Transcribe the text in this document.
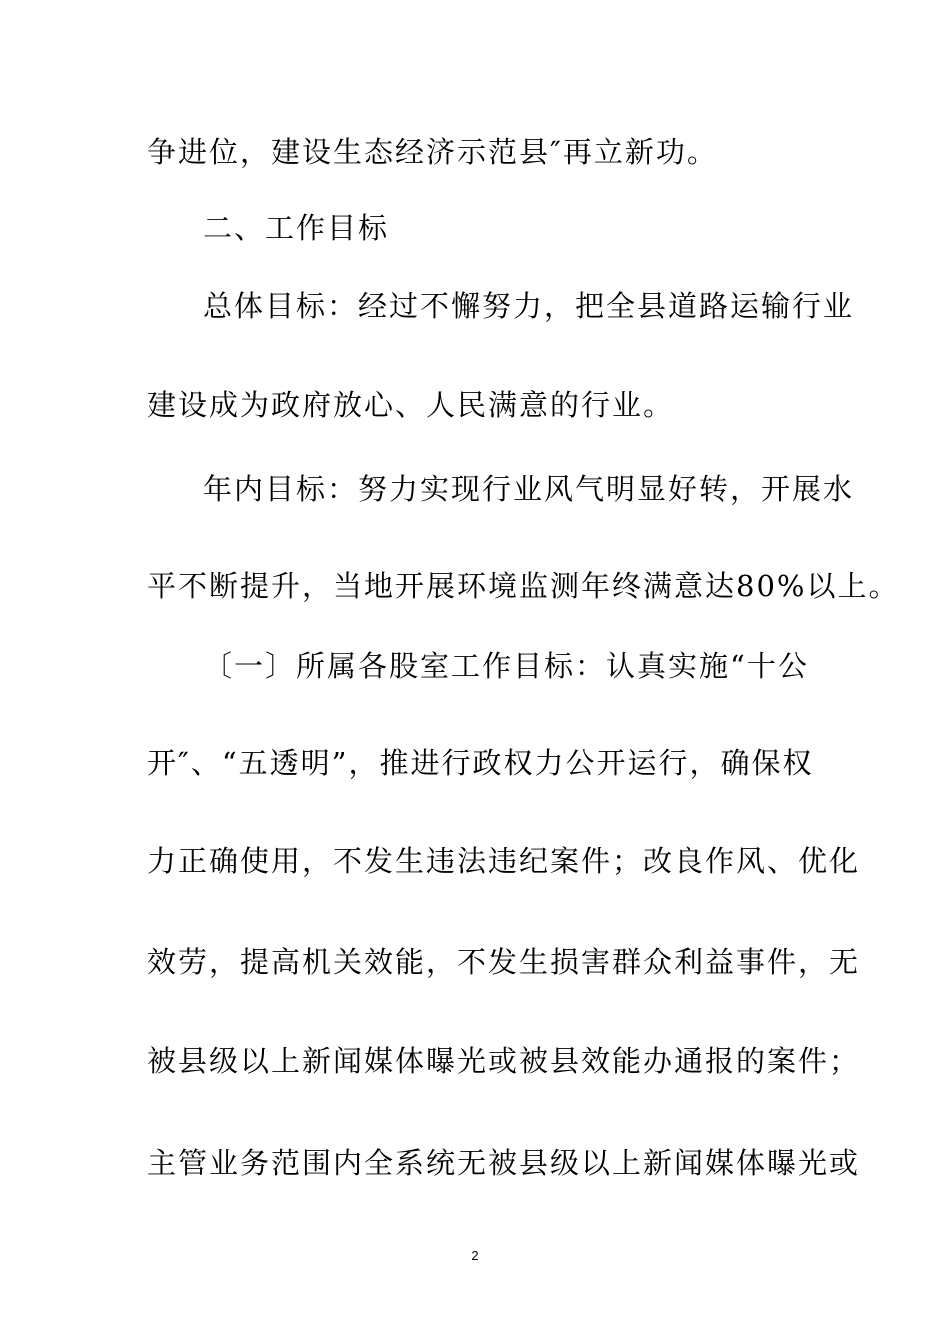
争进位，建设生态经济示范县″再立新功。
二、工作目标
总体目标：经过不懈努力，把全县道路运输行业
建设成为政府放心、人民满意的行业。
年内目标：努力实现行业风气明显好转，开展水
平不断提升，当地开展环境监测年终满意达80%以上。
〔一〕所属各股室工作目标：认真实施“十公
开″、“五透明”，推进行政权力公开运行，确保权
力正确使用，不发生违法违纪案件；改良作风、优化
效劳，提高机关效能，不发生损害群众利益事件，无
被县级以上新闻媒体曝光或被县效能办通报的案件；
主管业务范围内全系统无被县级以上新闻媒体曝光或
2
